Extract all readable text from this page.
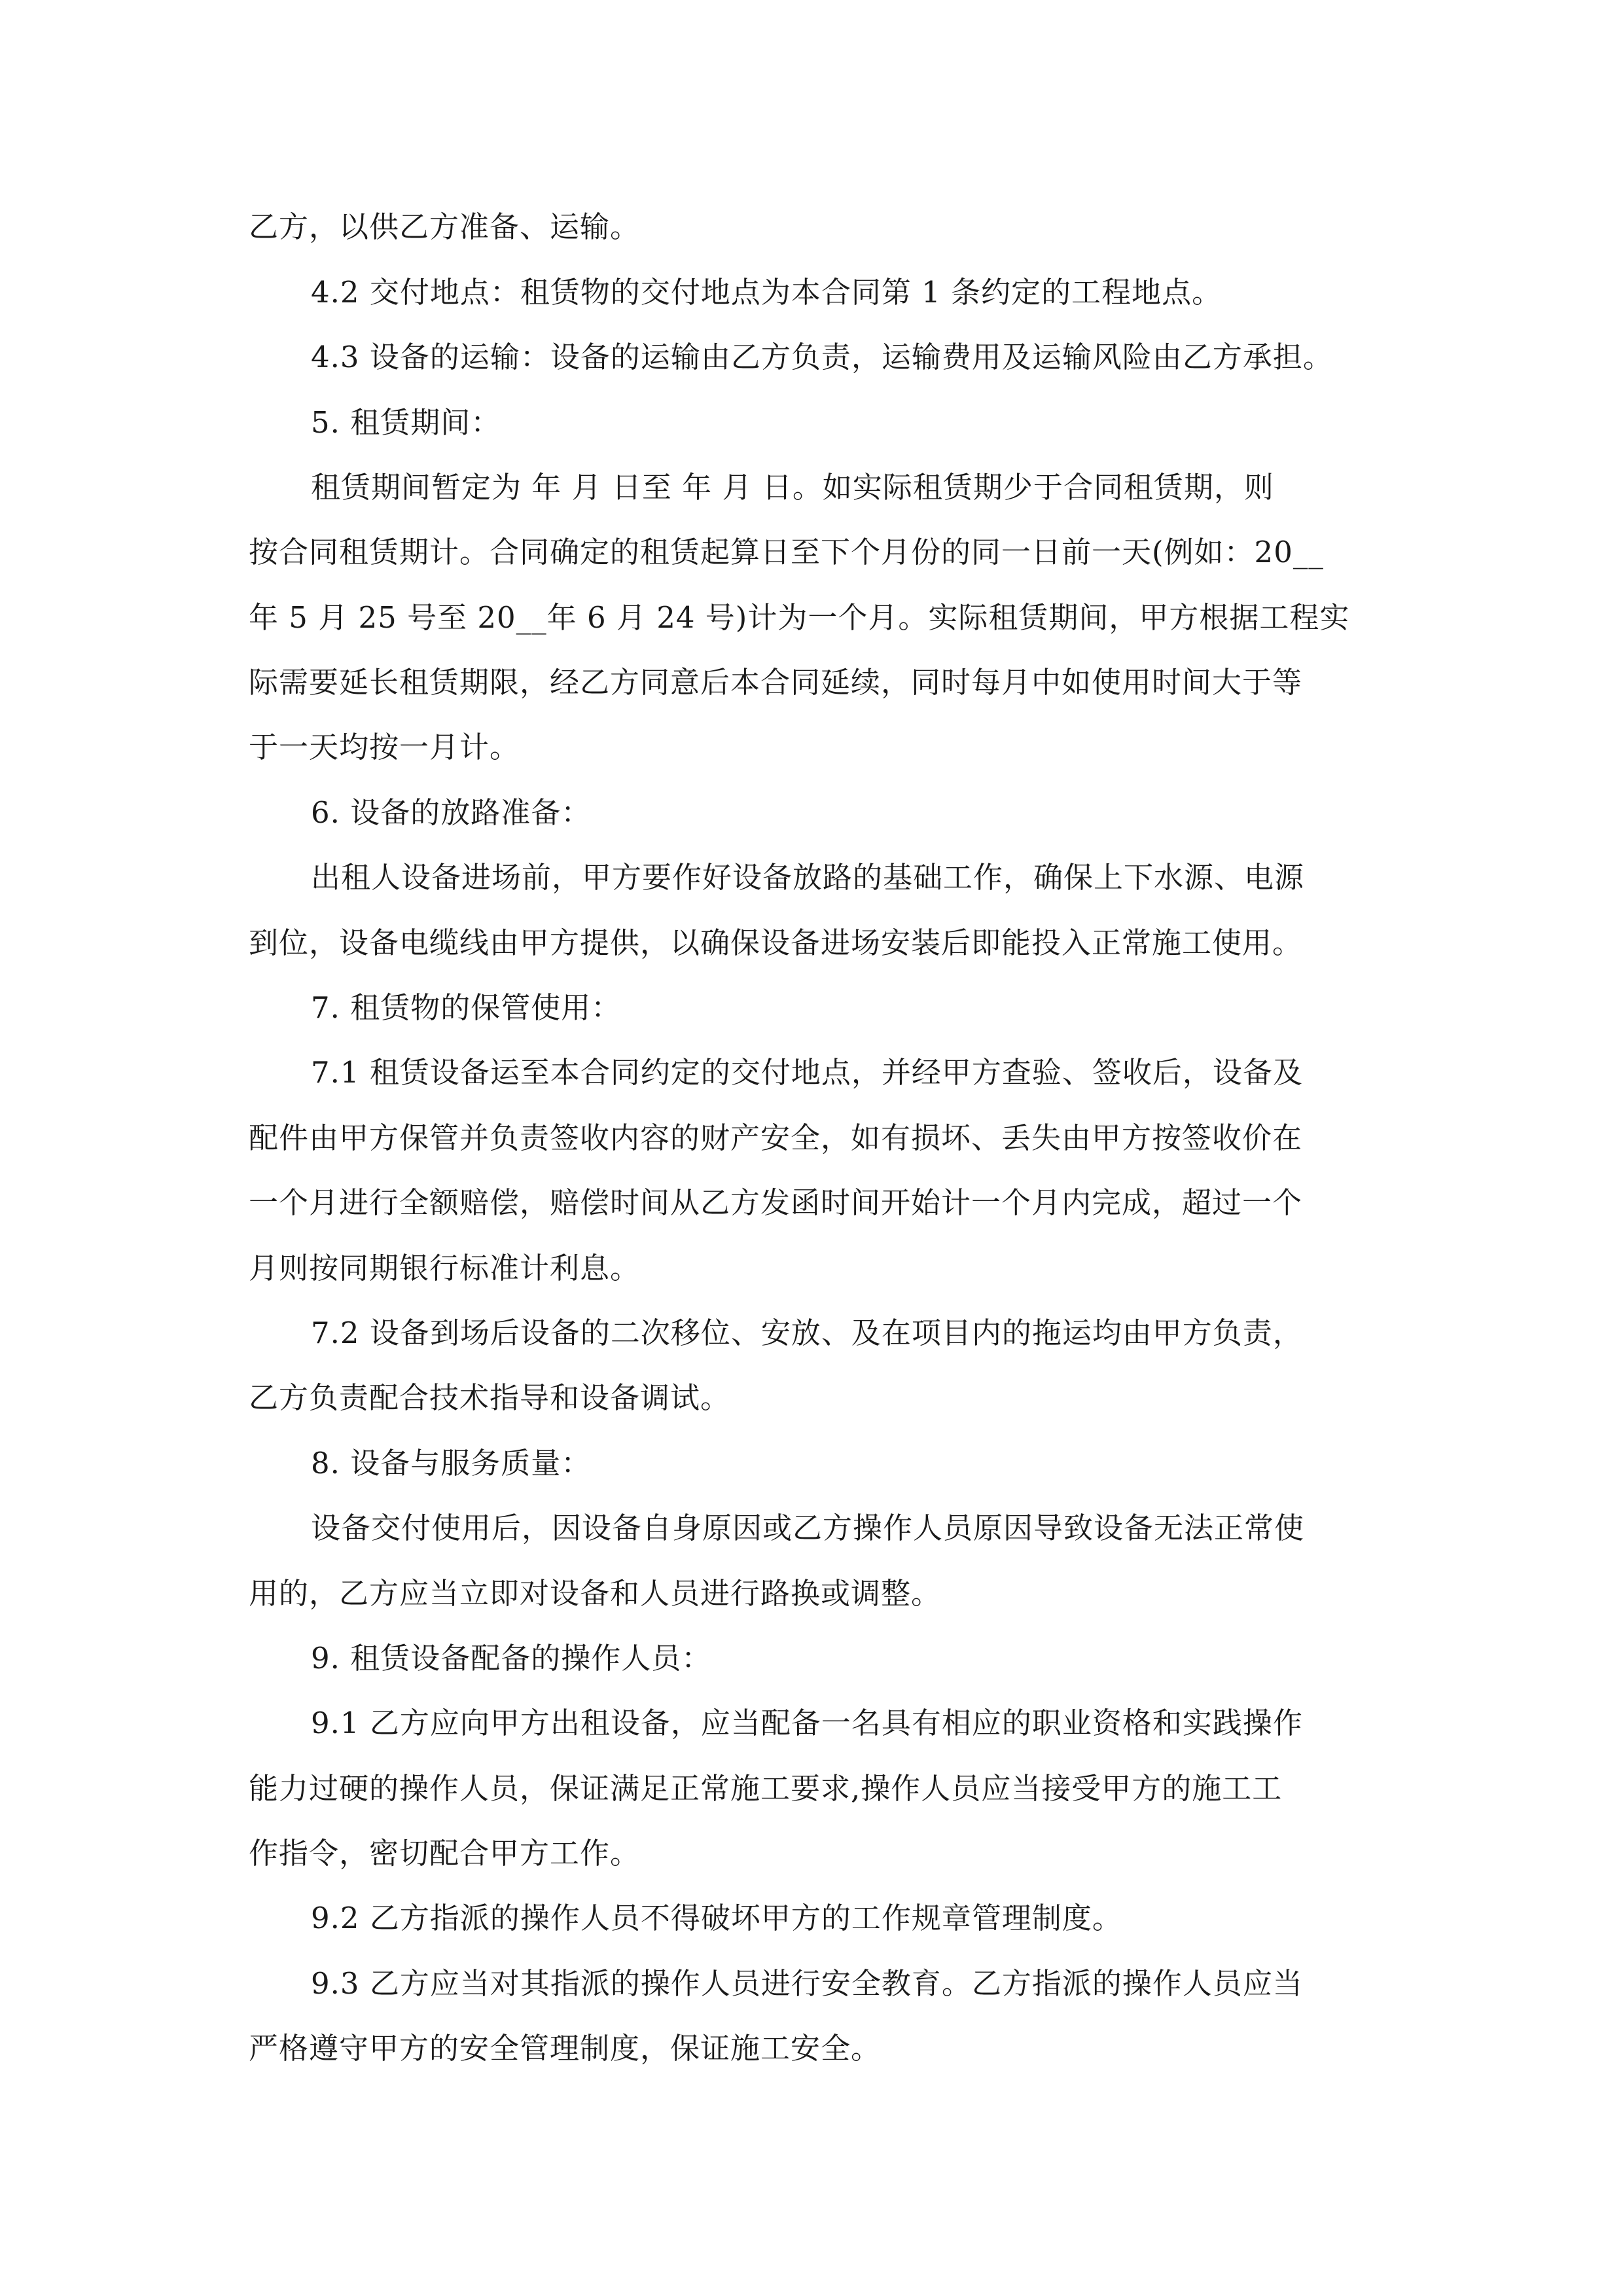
乙方，以供乙方准备、运输。
4.2 交付地点：租赁物的交付地点为本合同第 1 条约定的工程地点。
4.3 设备的运输：设备的运输由乙方负责，运输费用及运输风险由乙方承担。
5. 租赁期间：
租赁期间暂定为 年 月 日至 年 月 日。如实际租赁期少于合同租赁期，则
按合同租赁期计。合同确定的租赁起算日至下个月份的同一日前一天(例如：20__
年 5 月 25 号至 20__年 6 月 24 号)计为一个月。实际租赁期间，甲方根据工程实
际需要延长租赁期限，经乙方同意后本合同延续，同时每月中如使用时间大于等
于一天均按一月计。
6. 设备的放路准备：
出租人设备进场前，甲方要作好设备放路的基础工作，确保上下水源、电源
到位，设备电缆线由甲方提供，以确保设备进场安装后即能投入正常施工使用。
7. 租赁物的保管使用：
7.1 租赁设备运至本合同约定的交付地点，并经甲方查验、签收后，设备及
配件由甲方保管并负责签收内容的财产安全，如有损坏、丢失由甲方按签收价在
一个月进行全额赔偿，赔偿时间从乙方发函时间开始计一个月内完成，超过一个
月则按同期银行标准计利息。
7.2 设备到场后设备的二次移位、安放、及在项目内的拖运均由甲方负责，
乙方负责配合技术指导和设备调试。
8. 设备与服务质量：
设备交付使用后，因设备自身原因或乙方操作人员原因导致设备无法正常使
用的，乙方应当立即对设备和人员进行路换或调整。
9. 租赁设备配备的操作人员：
9.1 乙方应向甲方出租设备，应当配备一名具有相应的职业资格和实践操作
能力过硬的操作人员，保证满足正常施工要求,操作人员应当接受甲方的施工工
作指令，密切配合甲方工作。
9.2 乙方指派的操作人员不得破坏甲方的工作规章管理制度。
9.3 乙方应当对其指派的操作人员进行安全教育。乙方指派的操作人员应当
严格遵守甲方的安全管理制度，保证施工安全。
